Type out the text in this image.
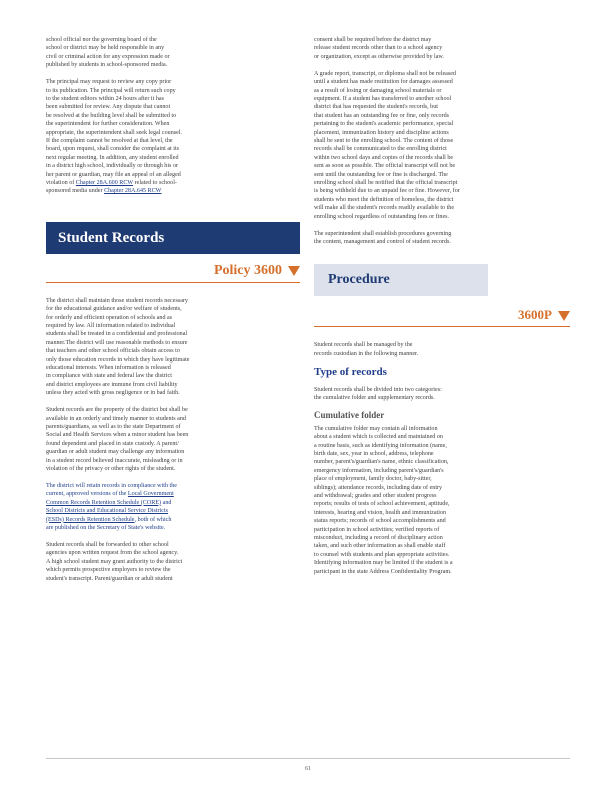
school official nor the governing board of the

school or district may be held responsible in any

civil or criminal action for any expression made or

published by students in school-sponsored media.

The principal may request to review any copy prior

to its publication. The principal will return such copy

to the student editors within 24 hours after it has

been submitted for review. Any dispute that cannot

be resolved at the building level shall be submitted to

the superintendent for further consideration. When

appropriate, the superintendent shall seek legal counsel.

If the complaint cannot be resolved at that level, the

board, upon request, shall consider the complaint at its

next regular meeting. In addition, any student enrolled

in a district high school, individually or through his or

her parent or guardian, may file an appeal of an alleged

violation of Chapter 28A.600 RCW related to school-

sponsored media under Chapter 28A.645 RCW

Student Records
Policy 3600

The district shall maintain those student records necessary

for the educational guidance and/or welfare of students,

for orderly and efficient operation of schools and as

required by law. All information related to individual

students shall be treated in a confidential and professional

manner.The district will use reasonable methods to ensure

that teachers and other school officials obtain access to

only those education records in which they have legitimate

educational interests. When information is released

in compliance with state and federal law the district

and district employees are immune from civil liability

unless they acted with gross negligence or in bad faith.

Student records are the property of the district but shall be

available in an orderly and timely manner to students and

parents/guardians, as well as to the state Department of

Social and Health Services when a minor student has been

found dependent and placed in state custody. A parent/

guardian or adult student may challenge any information

in a student record believed inaccurate, misleading or in

violation of the privacy or other rights of the student.

The district will retain records in compliance with the

current, approved versions of the Local Government

Common Records Retention Schedule (CORE) and

School Districts and Educational Service Districts

(ESDs) Records Retention Schedule, both of which

are published on the Secretary of State's website.

Student records shall be forwarded to other school

agencies upon written request from the school agency.

A high school student may grant authority to the district

which permits prospective employers to review the

student's transcript. Parent/guardian or adult student

consent shall be required before the district may

release student records other than to a school agency

or organization, except as otherwise provided by law.

A grade report, transcript, or diploma shall not be released

until a student has made restitution for damages assessed

as a result of losing or damaging school materials or

equipment. If a student has transferred to another school

district that has requested the student's records, but

that student has an outstanding fee or fine, only records

pertaining to the student's academic performance, special

placement, immunization history and discipline actions

shall be sent to the enrolling school. The content of those

records shall be communicated to the enrolling district

within two school days and copies of the records shall be

sent as soon as possible. The official transcript will not be

sent until the outstanding fee or fine is discharged. The

enrolling school shall be notified that the official transcript

is being withheld due to an unpaid fee or fine. However, for

students who meet the definition of homeless, the district

will make all the student's records readily available to the

enrolling school regardless of outstanding fees or fines.

The superintendent shall establish procedures governing

the content, management and control of student records.

Procedure
3600P

Student records shall be managed by the

records custodian in the following manner.

Type of records

Student records shall be divided into two categories:

the cumulative folder and supplementary records.

Cumulative folder

The cumulative folder may contain all information

about a student which is collected and maintained on

a routine basis, such as identifying information (name,

birth date, sex, year in school, address, telephone

number, parent's/guardian's name, ethnic classification,

emergency information, including parent's/guardian's

place of employment, family doctor, baby-sitter,

siblings); attendance records, including date of entry

and withdrawal; grades and other student progress

reports; results of tests of school achievement, aptitude,

interests, hearing and vision, health and immunization

status reports; records of school accomplishments and

participation in school activities; verified reports of

misconduct, including a record of disciplinary action

taken, and such other information as shall enable staff

to counsel with students and plan appropriate activities.

Identifying information may be limited if the student is a

participant in the state Address Confidentiality Program.

61
